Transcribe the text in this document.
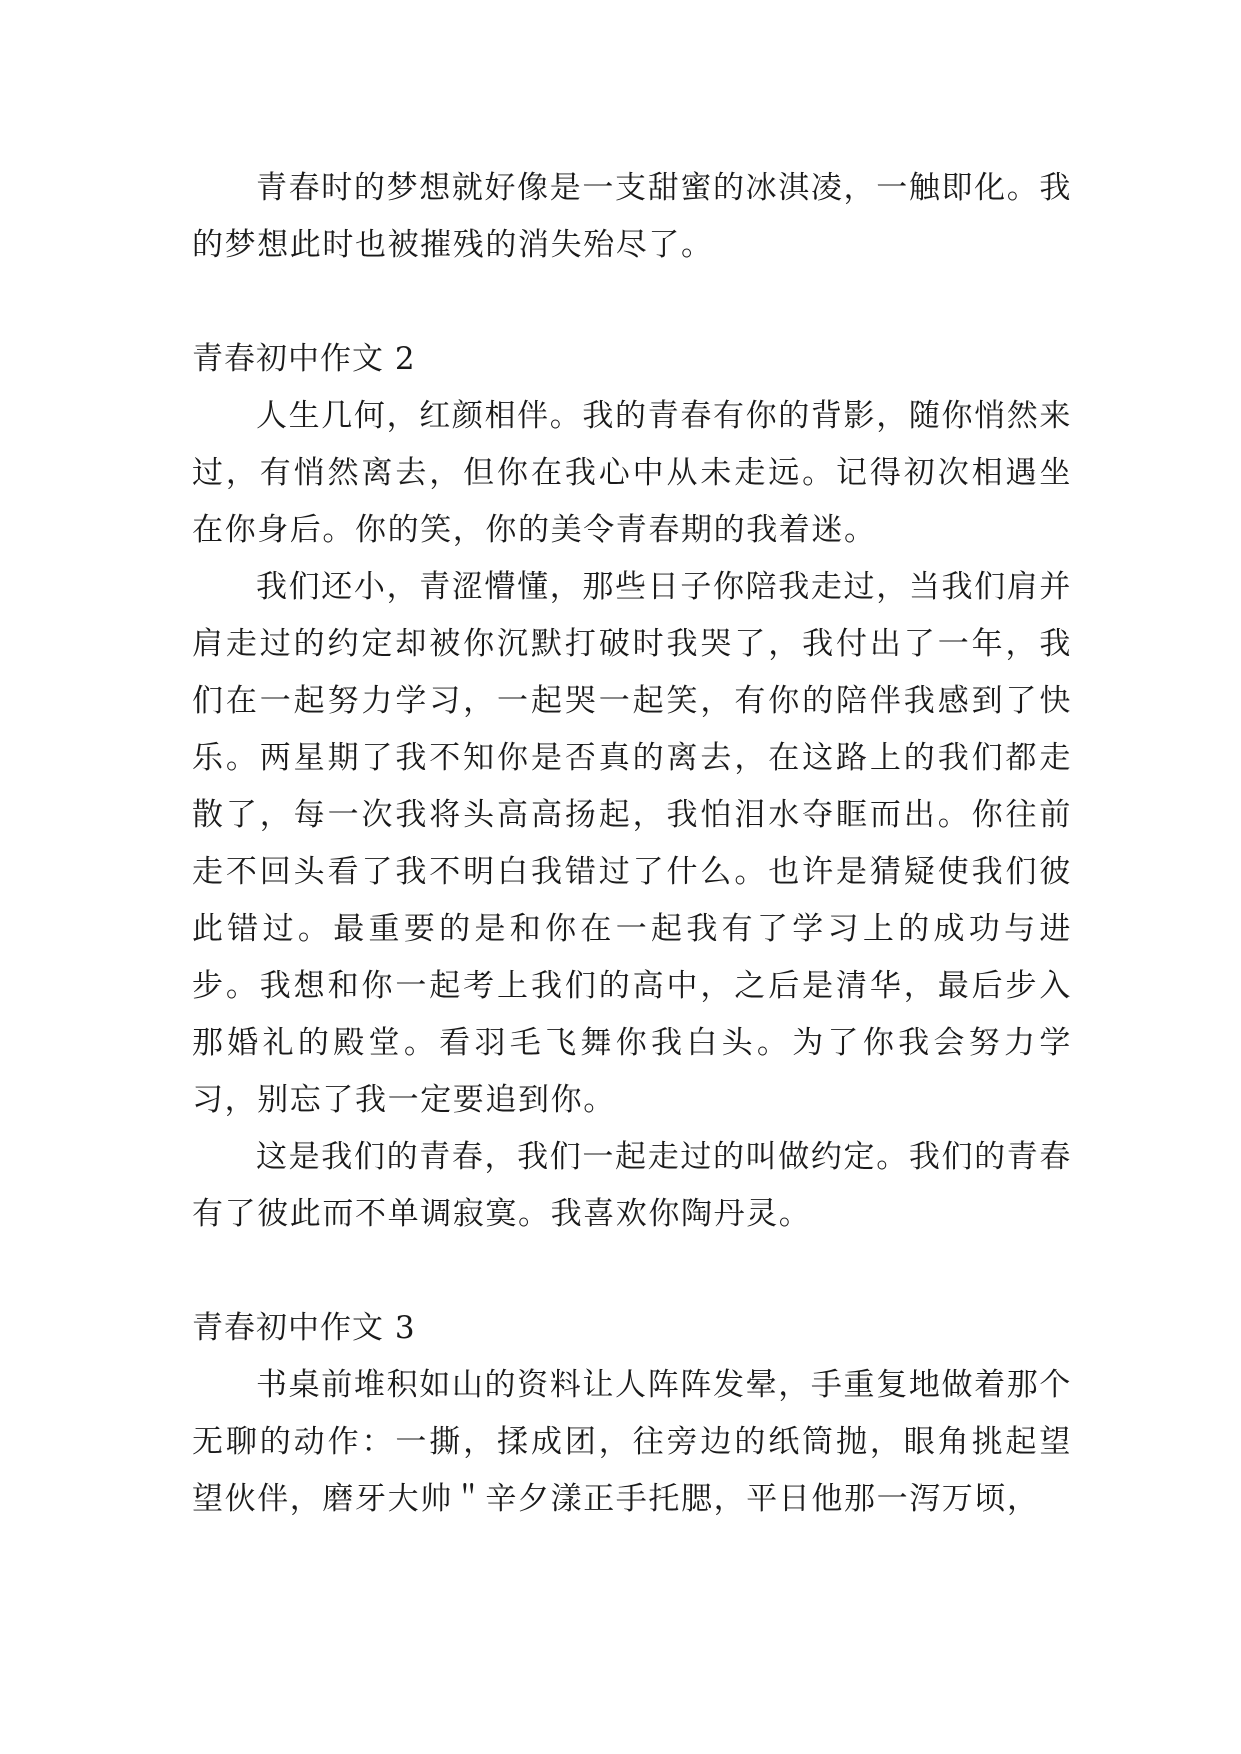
青春时的梦想就好像是一支甜蜜的冰淇凌，一触即化。我的梦想此时也被摧残的消失殆尽了。

青春初中作文 2

人生几何，红颜相伴。我的青春有你的背影，随你悄然来过，有悄然离去，但你在我心中从未走远。记得初次相遇坐在你身后。你的笑，你的美令青春期的我着迷。

我们还小，青涩懵懂，那些日子你陪我走过，当我们肩并肩走过的约定却被你沉默打破时我哭了，我付出了一年，我们在一起努力学习，一起哭一起笑，有你的陪伴我感到了快乐。两星期了我不知你是否真的离去，在这路上的我们都走散了，每一次我将头高高扬起，我怕泪水夺眶而出。你往前走不回头看了我不明白我错过了什么。也许是猜疑使我们彼此错过。最重要的是和你在一起我有了学习上的成功与进步。我想和你一起考上我们的高中，之后是清华，最后步入那婚礼的殿堂。看羽毛飞舞你我白头。为了你我会努力学习，别忘了我一定要追到你。

这是我们的青春，我们一起走过的叫做约定。我们的青春有了彼此而不单调寂寞。我喜欢你陶丹灵。

青春初中作文 3

书桌前堆积如山的资料让人阵阵发晕，手重复地做着那个无聊的动作：一撕，揉成团，往旁边的纸筒抛，眼角挑起望望伙伴，磨牙大帅＂辛夕漾正手托腮，平日他那一泻万顷，
